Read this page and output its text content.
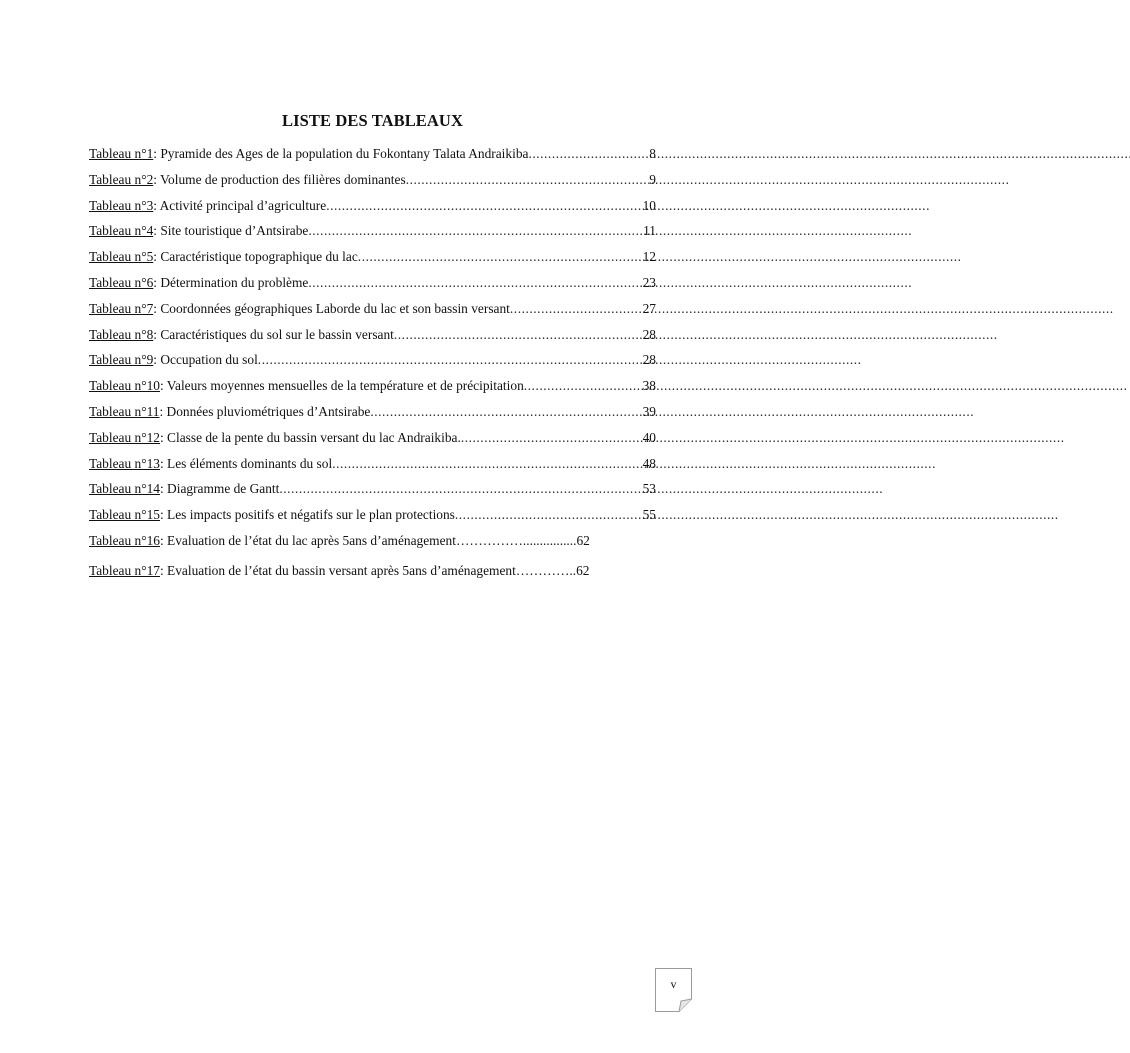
LISTE DES TABLEAUX
Tableau n°1: Pyramide des Ages de la population du Fokontany Talata Andraikiba . . .	8
Tableau n°2: Volume de production des filières dominantes . . .	9
Tableau n°3: Activité principal d’agriculture . . .	10
Tableau n°4: Site touristique d’Antsirabe . . .	11
Tableau n°5: Caractéristique topographique du lac . . .	12
Tableau n°6: Détermination du problème . . .	23
Tableau n°7: Coordonnées géographiques Laborde du lac et son bassin versant . . .	27
Tableau n°8: Caractéristiques du sol sur le bassin versant . . .	28
Tableau n°9: Occupation du sol . . .	28
Tableau n°10: Valeurs moyennes mensuelles de la température et de précipitation . . .	38
Tableau n°11: Données pluviométriques d’Antsirabe . . .	39
Tableau n°12: Classe de la pente du bassin versant du lac Andraikiba. . . .	40
Tableau n°13: Les éléments dominants du sol . . .	48
Tableau n°14: Diagramme de Gantt . . .	53
Tableau n°15: Les impacts positifs et négatifs sur le plan protections . . .	55
Tableau n°16: Evaluation de l’état du lac après 5ans d’aménagement ……………................62
Tableau n°17: Evaluation de l’état du bassin versant après 5ans d’aménagement …………..62
v
